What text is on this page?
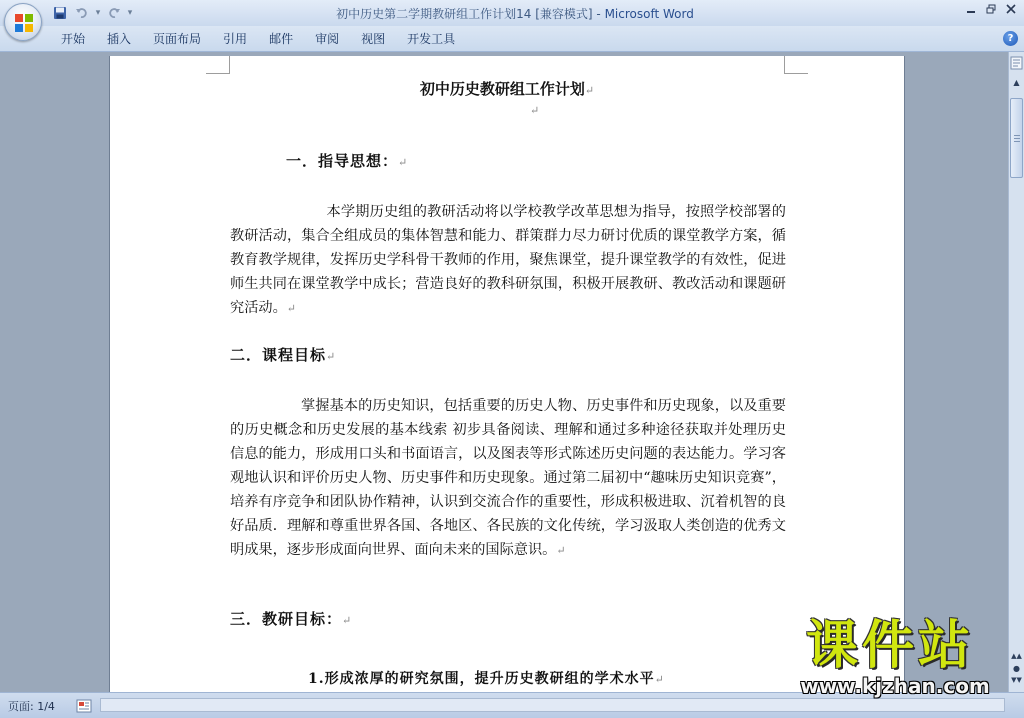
▾	▾	初中历史第二学期教研组工作计划14 [兼容模式] - Microsoft Word
开始	插入	页面布局	引用	邮件	审阅	视图	开发工具	?
初中历史教研组工作计划↵
↵
一．指导思想：↵
本学期历史组的教研活动将以学校教学改革思想为指导，按照学校部署的教研活动，集合全组成员的集体智慧和能力、群策群力尽力研讨优质的课堂教学方案，循教育教学规律，发挥历史学科骨干教师的作用，聚焦课堂，提升课堂教学的有效性，促进师生共同在课堂教学中成长；营造良好的教科研氛围，积极开展教研、教改活动和课题研究活动。↵
二．课程目标↵
掌握基本的历史知识，包括重要的历史人物、历史事件和历史现象，以及重要的历史概念和历史发展的基本线索 初步具备阅读、理解和通过多种途径获取并处理历史信息的能力，形成用口头和书面语言，以及图表等形式陈述历史问题的表达能力。学习客观地认识和评价历史人物、历史事件和历史现象。通过第二届初中“趣味历史知识竞赛”，培养有序竞争和团队协作精神，认识到交流合作的重要性，形成积极进取、沉着机智的良好品质．理解和尊重世界各国、各地区、各民族的文化传统，学习汲取人类创造的优秀文明成果，逐步形成面向世界、面向未来的国际意识。↵
三．教研目标：↵
1.形成浓厚的研究氛围，提升历史教研组的学术水平↵
▲
▲▲
●
▼▼
页面: 1/4
课件站
www.kjzhan.com
